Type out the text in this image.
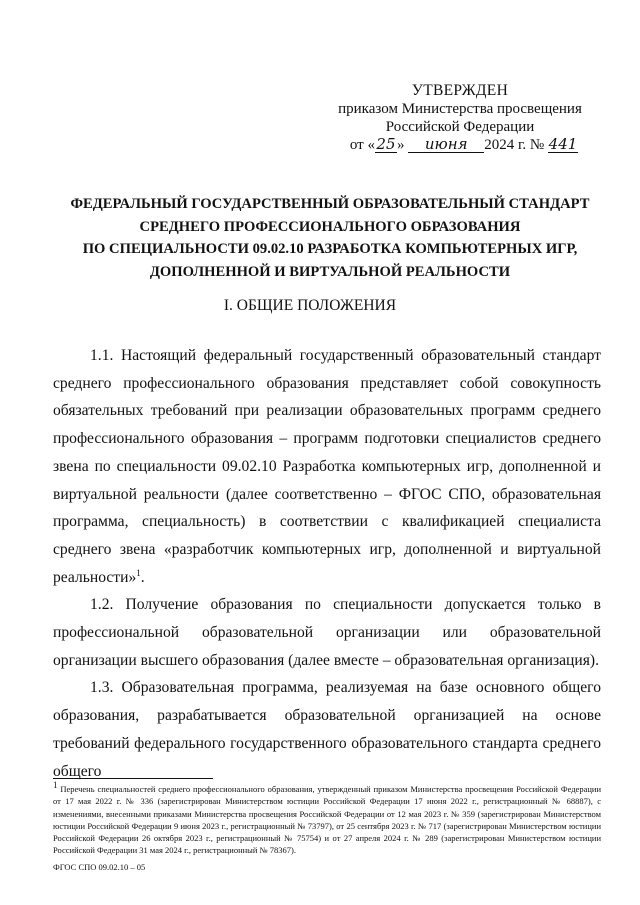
УТВЕРЖДЕН
приказом Министерства просвещения
Российской Федерации
от «25» июня 2024 г. № 441
ФЕДЕРАЛЬНЫЙ ГОСУДАРСТВЕННЫЙ ОБРАЗОВАТЕЛЬНЫЙ СТАНДАРТ
СРЕДНЕГО ПРОФЕССИОНАЛЬНОГО ОБРАЗОВАНИЯ
ПО СПЕЦИАЛЬНОСТИ 09.02.10 РАЗРАБОТКА КОМПЬЮТЕРНЫХ ИГР,
ДОПОЛНЕННОЙ И ВИРТУАЛЬНОЙ РЕАЛЬНОСТИ
I. ОБЩИЕ ПОЛОЖЕНИЯ

1.1. Настоящий федеральный государственный образовательный стандарт среднего профессионального образования представляет собой совокупность обязательных требований при реализации образовательных программ среднего профессионального образования – программ подготовки специалистов среднего звена по специальности 09.02.10 Разработка компьютерных игр, дополненной и виртуальной реальности (далее соответственно – ФГОС СПО, образовательная программа, специальность) в соответствии с квалификацией специалиста среднего звена «разработчик компьютерных игр, дополненной и виртуальной реальности»$^1$.

1.2. Получение образования по специальности допускается только в профессиональной образовательной организации или образовательной организации высшего образования (далее вместе – образовательная организация).

1.3. Образовательная программа, реализуемая на базе основного общего образования, разрабатывается образовательной организацией на основе требований федерального государственного образовательного стандарта среднего общего

$^1$ Перечень специальностей среднего профессионального образования, утвержденный приказом Министерства просвещения Российской Федерации от 17 мая 2022 г. № 336 (зарегистрирован Министерством юстиции Российской Федерации 17 июня 2022 г., регистрационный № 68887), с изменениями, внесенными приказами Министерства просвещения Российской Федерации от 12 мая 2023 г. № 359 (зарегистрирован Министерством юстиции Российской Федерации 9 июня 2023 г., регистрационный № 73797), от 25 сентября 2023 г. № 717 (зарегистрирован Министерством юстиции Российской Федерации 26 октября 2023 г., регистрационный № 75754) и от 27 апреля 2024 г. № 289 (зарегистрирован Министерством юстиции Российской Федерации 31 мая 2024 г., регистрационный № 78367).
ФГОС СПО 09.02.10 – 05
